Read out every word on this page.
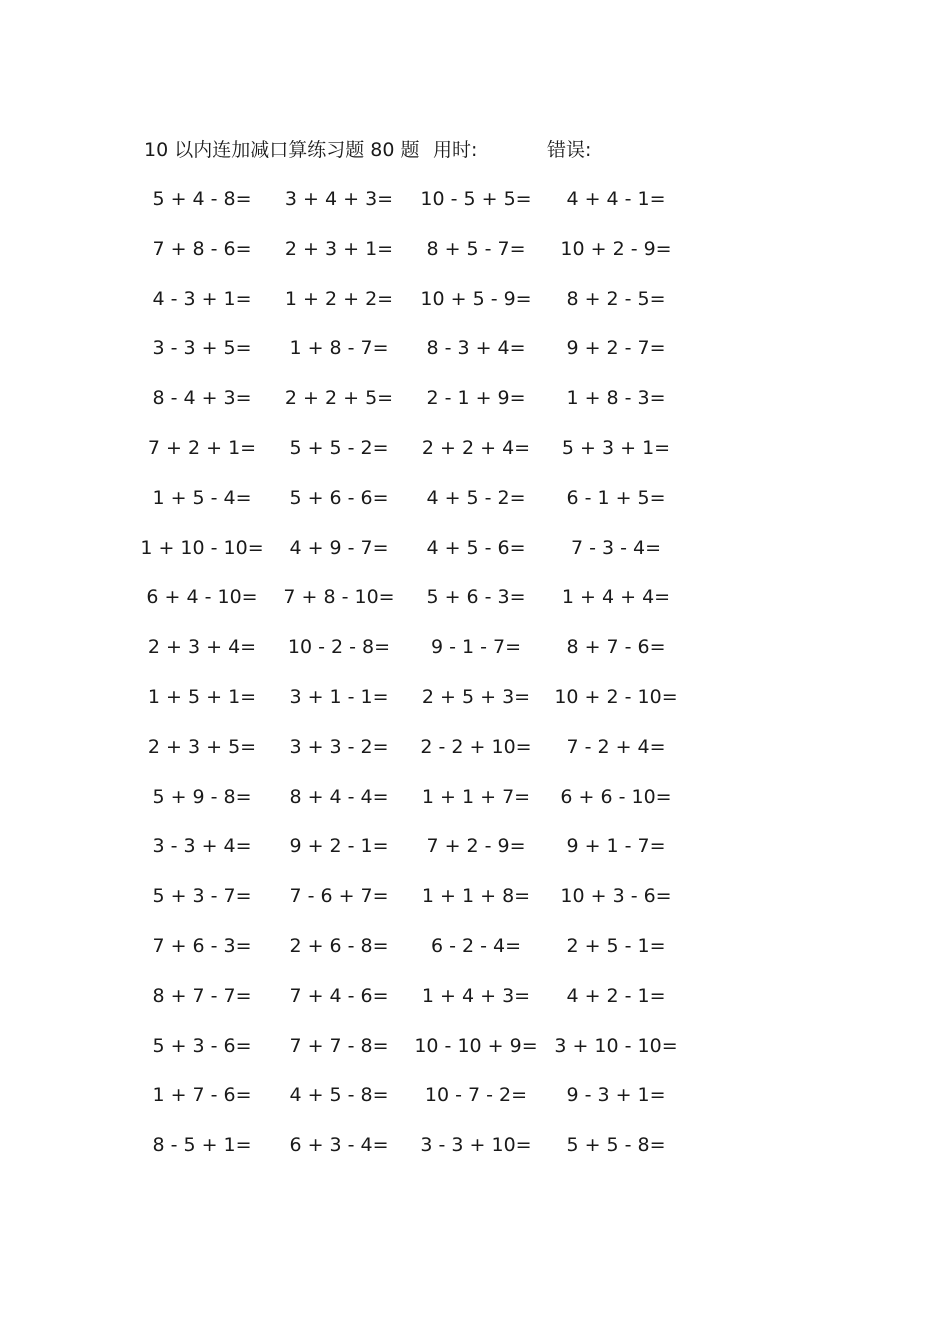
10 以内连加减口算练习题 80 题 用时:	错误:
5 + 4 - 8=	3 + 4 + 3=	10 - 5 + 5=	4 + 4 - 1=
7 + 8 - 6=	2 + 3 + 1=	8 + 5 - 7=	10 + 2 - 9=
4 - 3 + 1=	1 + 2 + 2=	10 + 5 - 9=	8 + 2 - 5=
3 - 3 + 5=	1 + 8 - 7=	8 - 3 + 4=	9 + 2 - 7=
8 - 4 + 3=	2 + 2 + 5=	2 - 1 + 9=	1 + 8 - 3=
7 + 2 + 1=	5 + 5 - 2=	2 + 2 + 4=	5 + 3 + 1=
1 + 5 - 4=	5 + 6 - 6=	4 + 5 - 2=	6 - 1 + 5=
1 + 10 - 10=	4 + 9 - 7=	4 + 5 - 6=	7 - 3 - 4=
6 + 4 - 10=	7 + 8 - 10=	5 + 6 - 3=	1 + 4 + 4=
2 + 3 + 4=	10 - 2 - 8=	9 - 1 - 7=	8 + 7 - 6=
1 + 5 + 1=	3 + 1 - 1=	2 + 5 + 3=	10 + 2 - 10=
2 + 3 + 5=	3 + 3 - 2=	2 - 2 + 10=	7 - 2 + 4=
5 + 9 - 8=	8 + 4 - 4=	1 + 1 + 7=	6 + 6 - 10=
3 - 3 + 4=	9 + 2 - 1=	7 + 2 - 9=	9 + 1 - 7=
5 + 3 - 7=	7 - 6 + 7=	1 + 1 + 8=	10 + 3 - 6=
7 + 6 - 3=	2 + 6 - 8=	6 - 2 - 4=	2 + 5 - 1=
8 + 7 - 7=	7 + 4 - 6=	1 + 4 + 3=	4 + 2 - 1=
5 + 3 - 6=	7 + 7 - 8=	10 - 10 + 9= 3 + 10 - 10=
1 + 7 - 6=	4 + 5 - 8=	10 - 7 - 2=	9 - 3 + 1=
8 - 5 + 1=	6 + 3 - 4=	3 - 3 + 10=	5 + 5 - 8=
